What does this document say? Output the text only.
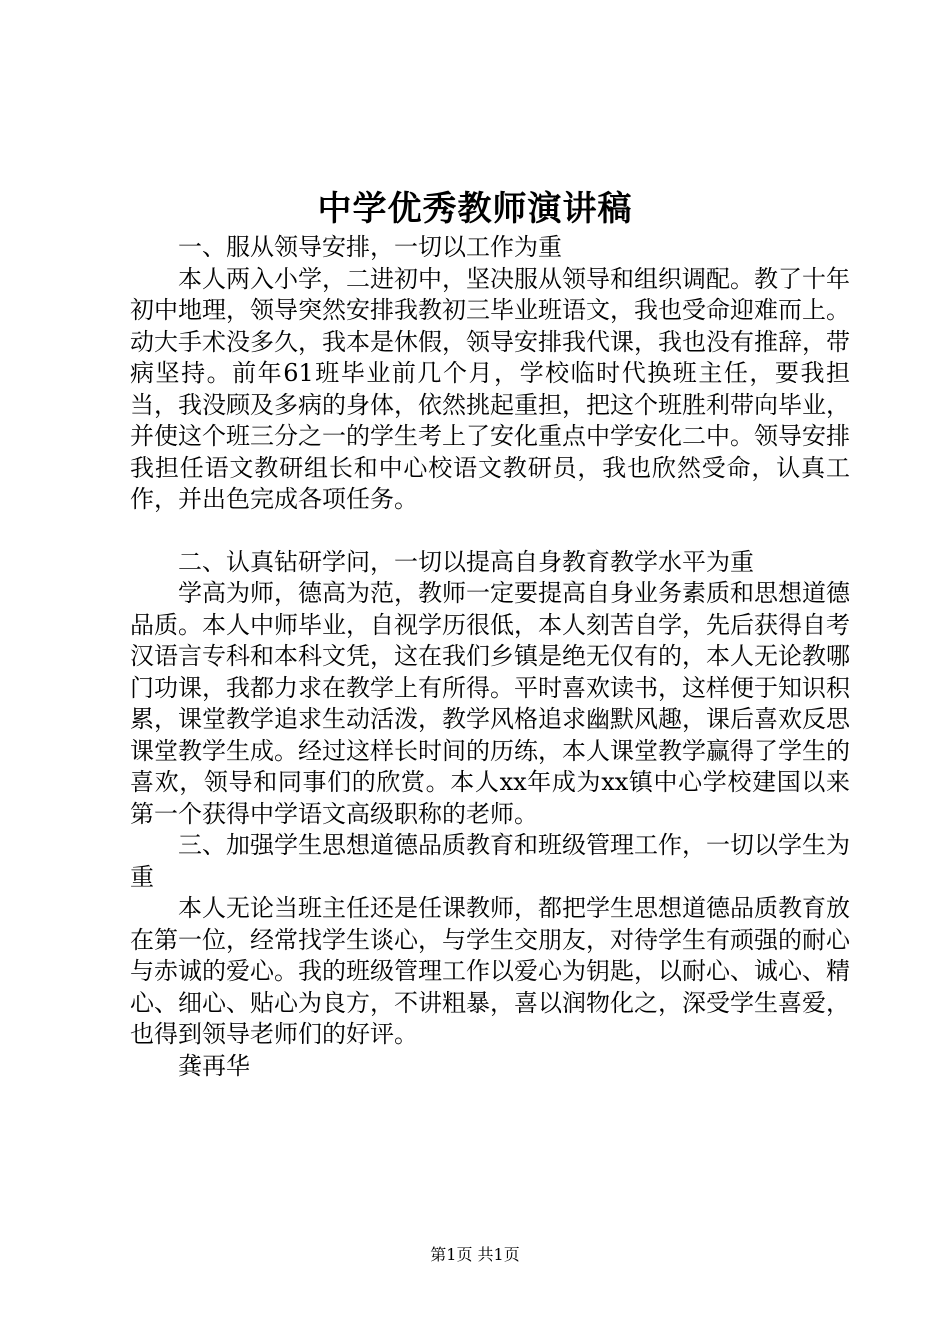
中学优秀教师演讲稿

一、服从领导安排，一切以工作为重

本人两入小学，二进初中，坚决服从领导和组织调配。教了十年初中地理，领导突然安排我教初三毕业班语文，我也受命迎难而上。动大手术没多久，我本是休假，领导安排我代课，我也没有推辞，带病坚持。前年61班毕业前几个月，学校临时代换班主任，要我担当，我没顾及多病的身体，依然挑起重担，把这个班胜利带向毕业，并使这个班三分之一的学生考上了安化重点中学安化二中。领导安排我担任语文教研组长和中心校语文教研员，我也欣然受命，认真工作，并出色完成各项任务。

二、认真钻研学问，一切以提高自身教育教学水平为重

学高为师，德高为范，教师一定要提高自身业务素质和思想道德品质。本人中师毕业，自视学历很低，本人刻苦自学，先后获得自考汉语言专科和本科文凭，这在我们乡镇是绝无仅有的，本人无论教哪门功课，我都力求在教学上有所得。平时喜欢读书，这样便于知识积累，课堂教学追求生动活泼，教学风格追求幽默风趣，课后喜欢反思课堂教学生成。经过这样长时间的历练，本人课堂教学赢得了学生的喜欢，领导和同事们的欣赏。本人xx年成为xx镇中心学校建国以来第一个获得中学语文高级职称的老师。

三、加强学生思想道德品质教育和班级管理工作，一切以学生为重

本人无论当班主任还是任课教师，都把学生思想道德品质教育放在第一位，经常找学生谈心，与学生交朋友，对待学生有顽强的耐心与赤诚的爱心。我的班级管理工作以爱心为钥匙，以耐心、诚心、精心、细心、贴心为良方，不讲粗暴，喜以润物化之，深受学生喜爱，也得到领导老师们的好评。

龚再华

第1页 共1页
